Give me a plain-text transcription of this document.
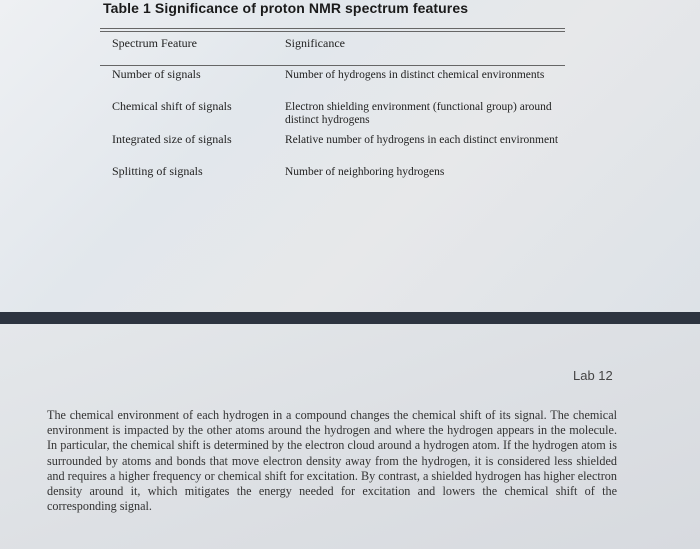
Table 1 Significance of proton NMR spectrum features
Spectrum Feature	Significance
Number of signals	Number of hydrogens in distinct chemical environments
Chemical shift of signals	Electron shielding environment (functional group) around distinct hydrogens
Integrated size of signals	Relative number of hydrogens in each distinct environment
Splitting of signals	Number of neighboring hydrogens
Lab 12
The chemical environment of each hydrogen in a compound changes the chemical shift of its signal. The chemical environment is impacted by the other atoms around the hydrogen and where the hydrogen appears in the molecule. In particular, the chemical shift is determined by the electron cloud around a hydrogen atom. If the hydrogen atom is surrounded by atoms and bonds that move electron density away from the hydrogen, it is considered less shielded and requires a higher frequency or chemical shift for excitation. By contrast, a shielded hydrogen has higher electron density around it, which mitigates the energy needed for excitation and lowers the chemical shift of the corresponding signal.
